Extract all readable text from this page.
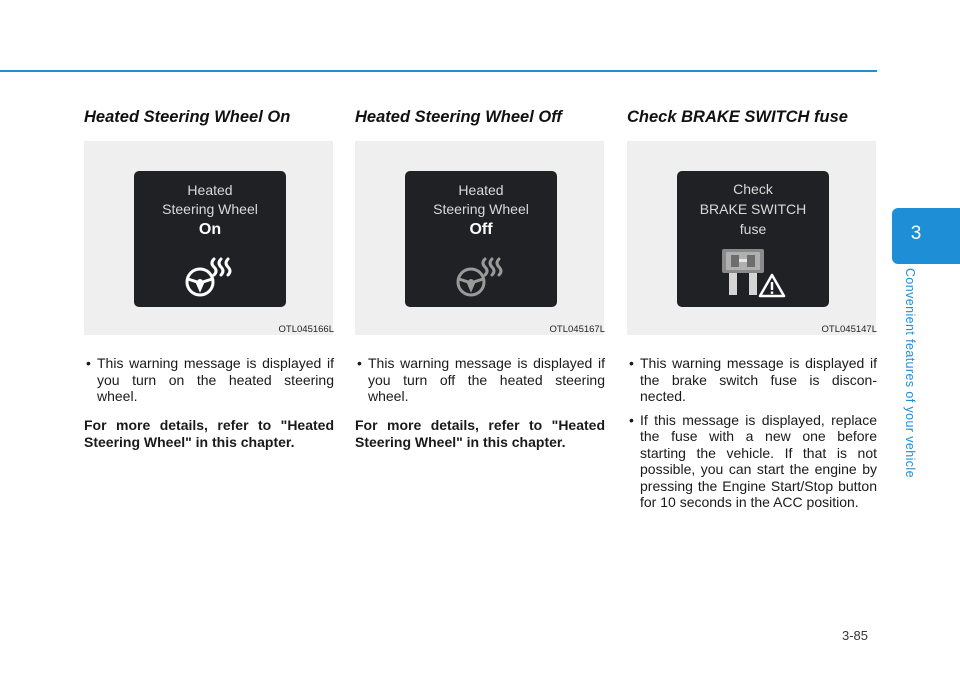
Heated Steering Wheel On
Heated
Steering Wheel
On
OTL045166L
• This warning message is displayed if you turn on the heated steering wheel.

For more details, refer to "Heated Steering Wheel" in this chapter.

Heated Steering Wheel Off
Heated
Steering Wheel
Off
OTL045167L
• This warning message is displayed if you turn off the heated steering wheel.

For more details, refer to "Heated Steering Wheel" in this chapter.

Check BRAKE SWITCH fuse
Check
BRAKE SWITCH
fuse
OTL045147L
• This warning message is displayed if the brake switch fuse is discon-nected.
• If this message is displayed, replace the fuse with a new one before starting the vehicle. If that is not possible, you can start the engine by pressing the Engine Start/Stop button for 10 seconds in the ACC position.
3
Convenient features of your vehicle
3-85
